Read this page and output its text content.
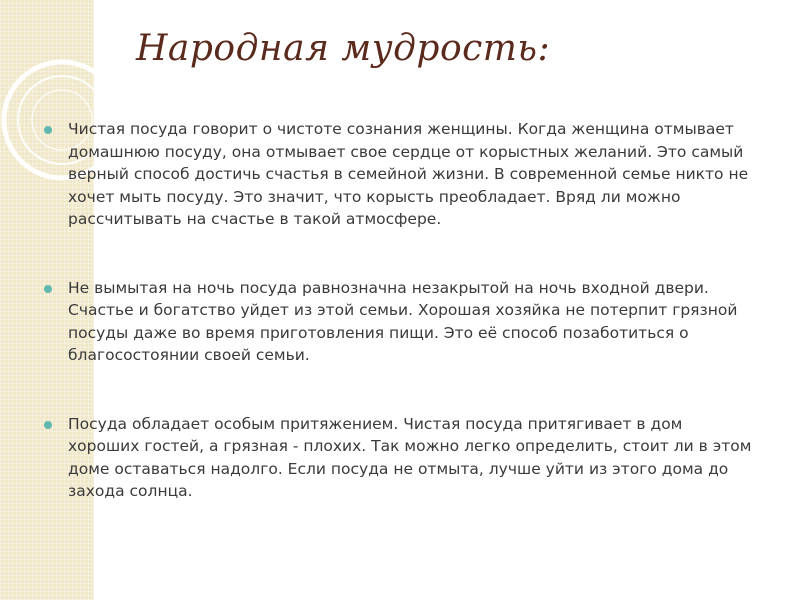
Народная мудрость:

Чистая посуда говорит о чистоте сознания женщины. Когда женщина отмывает домашнюю посуду, она отмывает свое сердце от корыстных желаний. Это самый верный способ достичь счастья в семейной жизни. В современной семье никто не хочет мыть посуду. Это значит, что корысть преобладает. Вряд ли можно рассчитывать на счастье в такой атмосфере.

Не вымытая на ночь посуда равнозначна незакрытой на ночь входной двери. Счастье и богатство уйдет из этой семьи. Хорошая хозяйка не потерпит грязной посуды даже во время приготовления пищи. Это её способ позаботиться о благосостоянии своей семьи.

Посуда обладает особым притяжением. Чистая посуда притягивает в дом хороших гостей, а грязная - плохих. Так можно легко определить, стоит ли в этом доме оставаться надолго. Если посуда не отмыта, лучше уйти из этого дома до захода солнца.
